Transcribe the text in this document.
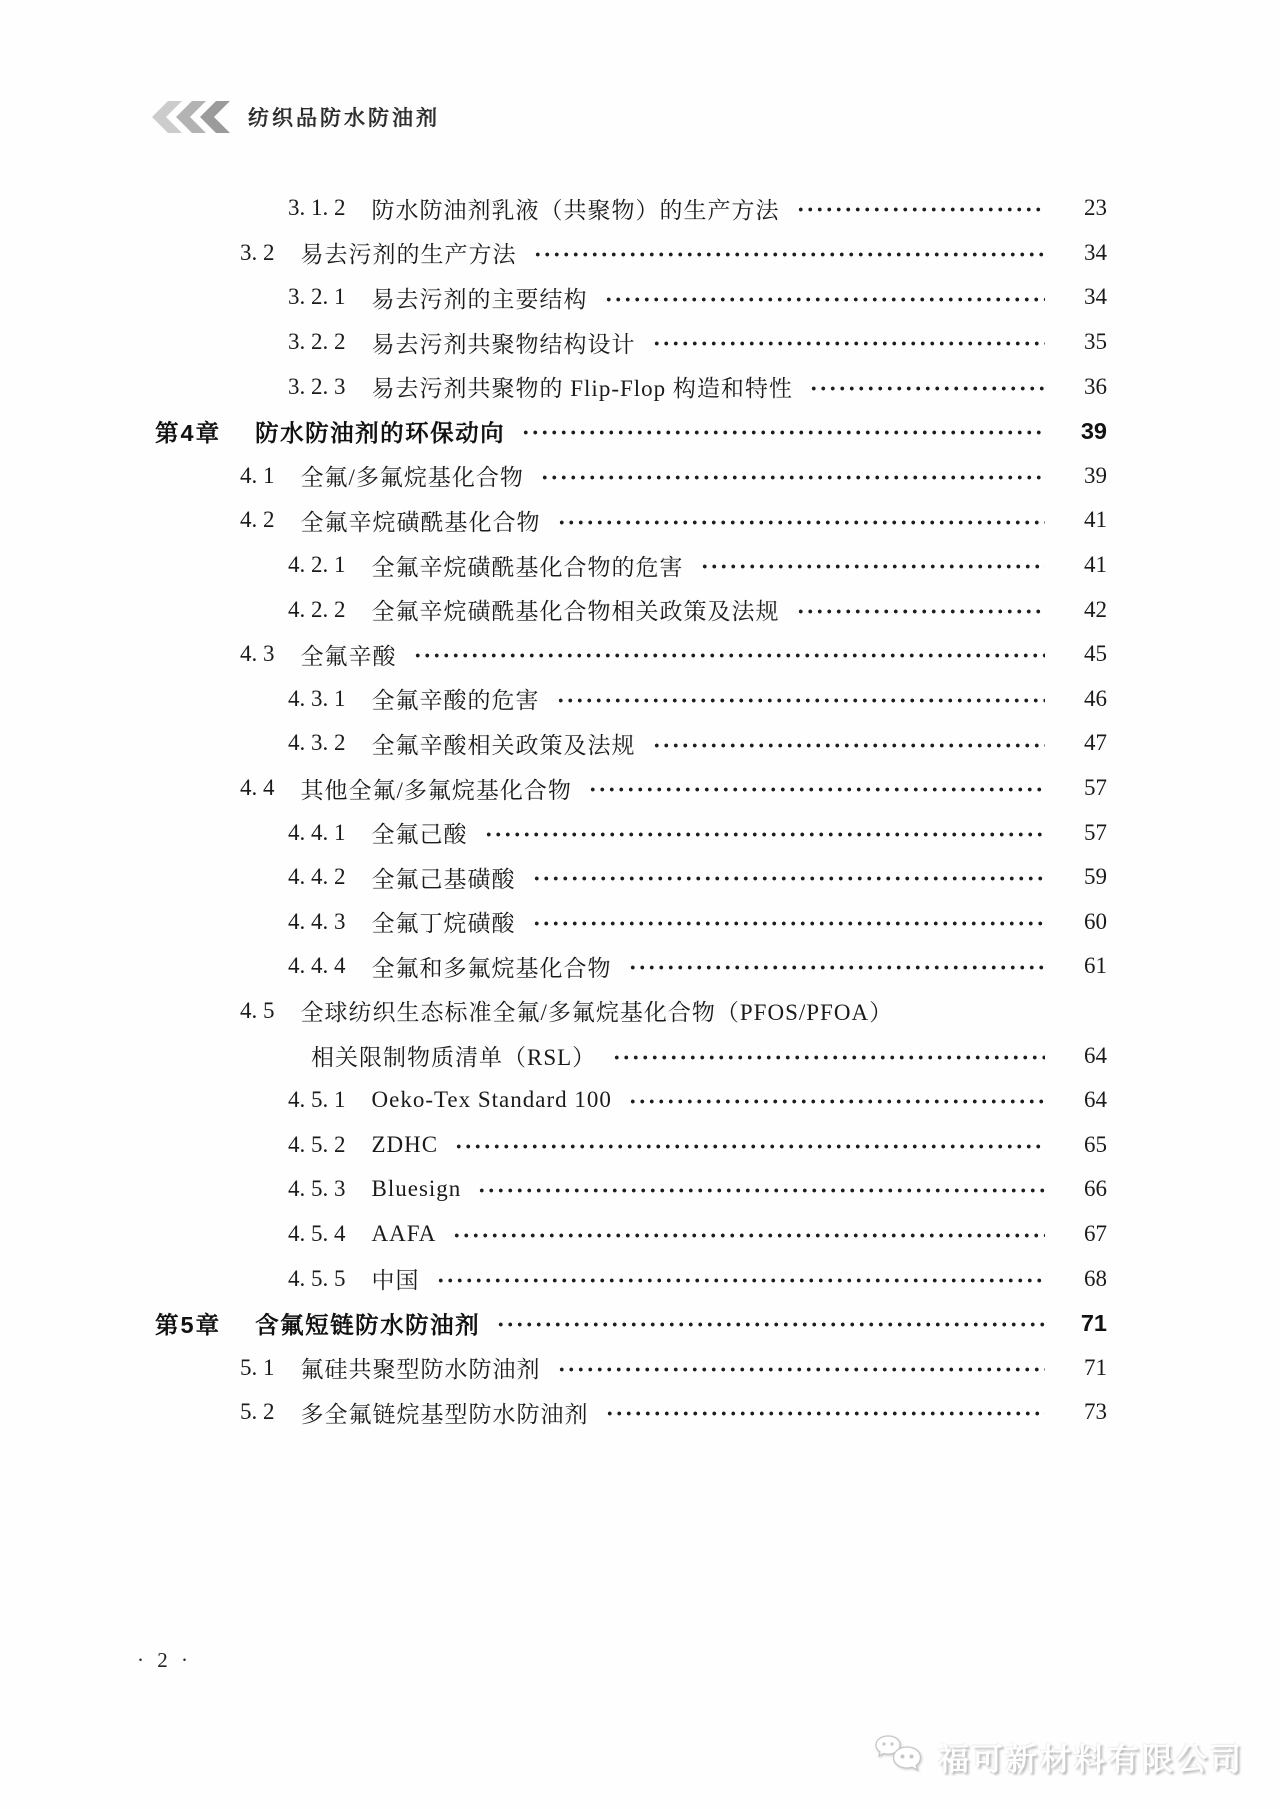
纺织品防水防油剂
3. 1. 2 防水防油剂乳液（共聚物）的生产方法	23
3. 2 易去污剂的生产方法	34
3. 2. 1 易去污剂的主要结构	34
3. 2. 2 易去污剂共聚物结构设计	35
3. 2. 3 易去污剂共聚物的 Flip-Flop 构造和特性	36
第4章 防水防油剂的环保动向	39
4. 1 全氟/多氟烷基化合物	39
4. 2 全氟辛烷磺酰基化合物	41
4. 2. 1 全氟辛烷磺酰基化合物的危害	41
4. 2. 2 全氟辛烷磺酰基化合物相关政策及法规	42
4. 3 全氟辛酸	45
4. 3. 1 全氟辛酸的危害	46
4. 3. 2 全氟辛酸相关政策及法规	47
4. 4 其他全氟/多氟烷基化合物	57
4. 4. 1 全氟己酸	57
4. 4. 2 全氟己基磺酸	59
4. 4. 3 全氟丁烷磺酸	60
4. 4. 4 全氟和多氟烷基化合物	61
4. 5 全球纺织生态标准全氟/多氟烷基化合物（PFOS/PFOA）
相关限制物质清单（RSL）	64
4. 5. 1 Oeko-Tex Standard 100	64
4. 5. 2 ZDHC	65
4. 5. 3 Bluesign	66
4. 5. 4 AAFA	67
4. 5. 5 中国	68
第5章 含氟短链防水防油剂	71
5. 1 氟硅共聚型防水防油剂	71
5. 2 多全氟链烷基型防水防油剂	73
· 2 ·
福可新材料有限公司
